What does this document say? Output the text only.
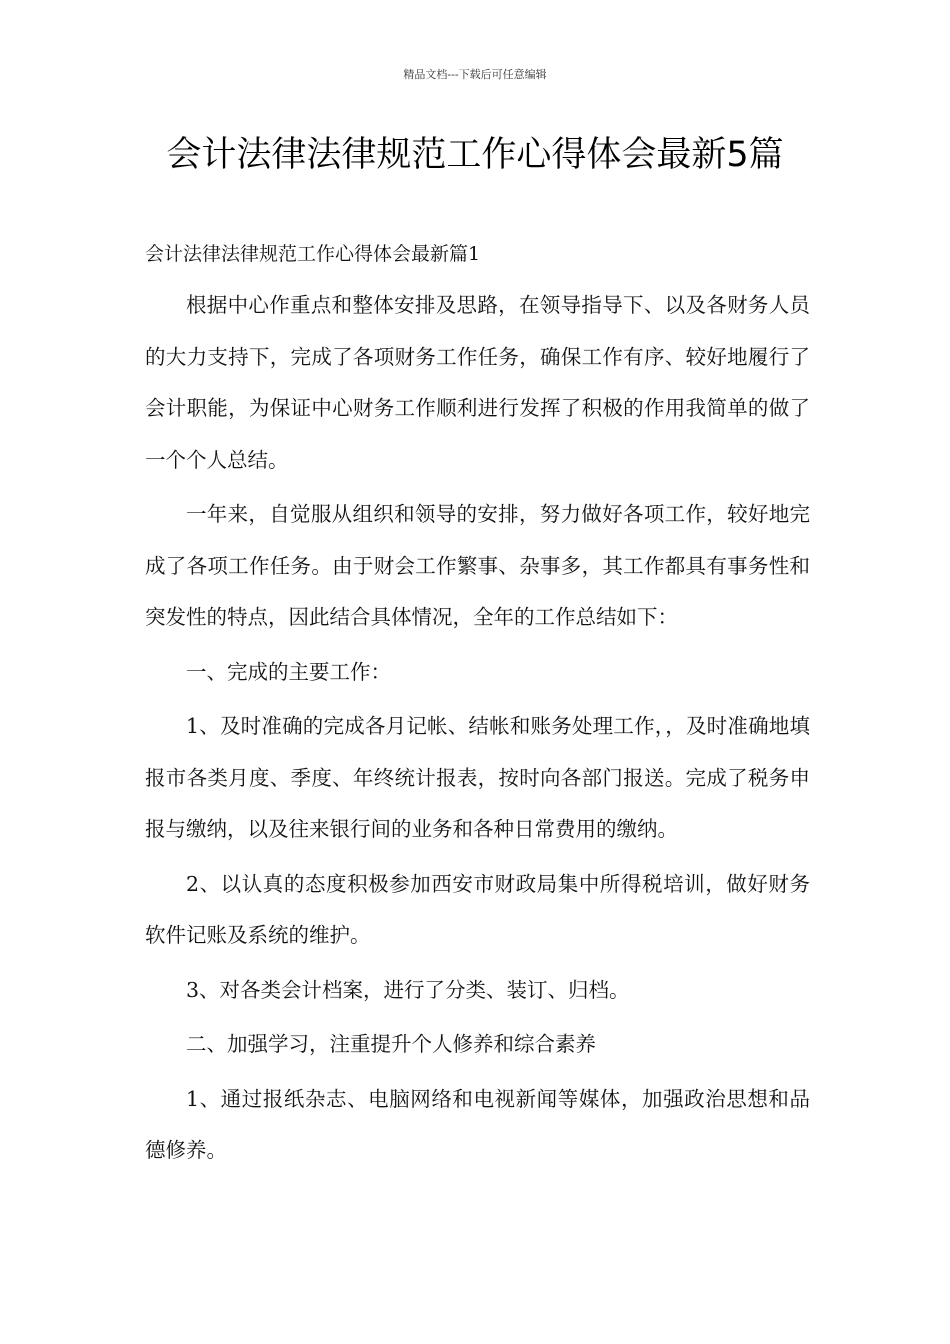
精品文档---下载后可任意编辑
会计法律法律规范工作心得体会最新5篇
会计法律法律规范工作心得体会最新篇1

根据中心作重点和整体安排及思路，在领导指导下、以及各财务人员的大力支持下，完成了各项财务工作任务，确保工作有序、较好地履行了会计职能，为保证中心财务工作顺利进行发挥了积极的作用我简单的做了一个个人总结。

一年来，自觉服从组织和领导的安排，努力做好各项工作，较好地完成了各项工作任务。由于财会工作繁事、杂事多，其工作都具有事务性和突发性的特点，因此结合具体情况，全年的工作总结如下：

一、完成的主要工作：

1、及时准确的完成各月记帐、结帐和账务处理工作，，及时准确地填报市各类月度、季度、年终统计报表，按时向各部门报送。完成了税务申报与缴纳，以及往来银行间的业务和各种日常费用的缴纳。

2、以认真的态度积极参加西安市财政局集中所得税培训，做好财务软件记账及系统的维护。

3、对各类会计档案，进行了分类、装订、归档。

二、加强学习，注重提升个人修养和综合素养

1、通过报纸杂志、电脑网络和电视新闻等媒体，加强政治思想和品德修养。
